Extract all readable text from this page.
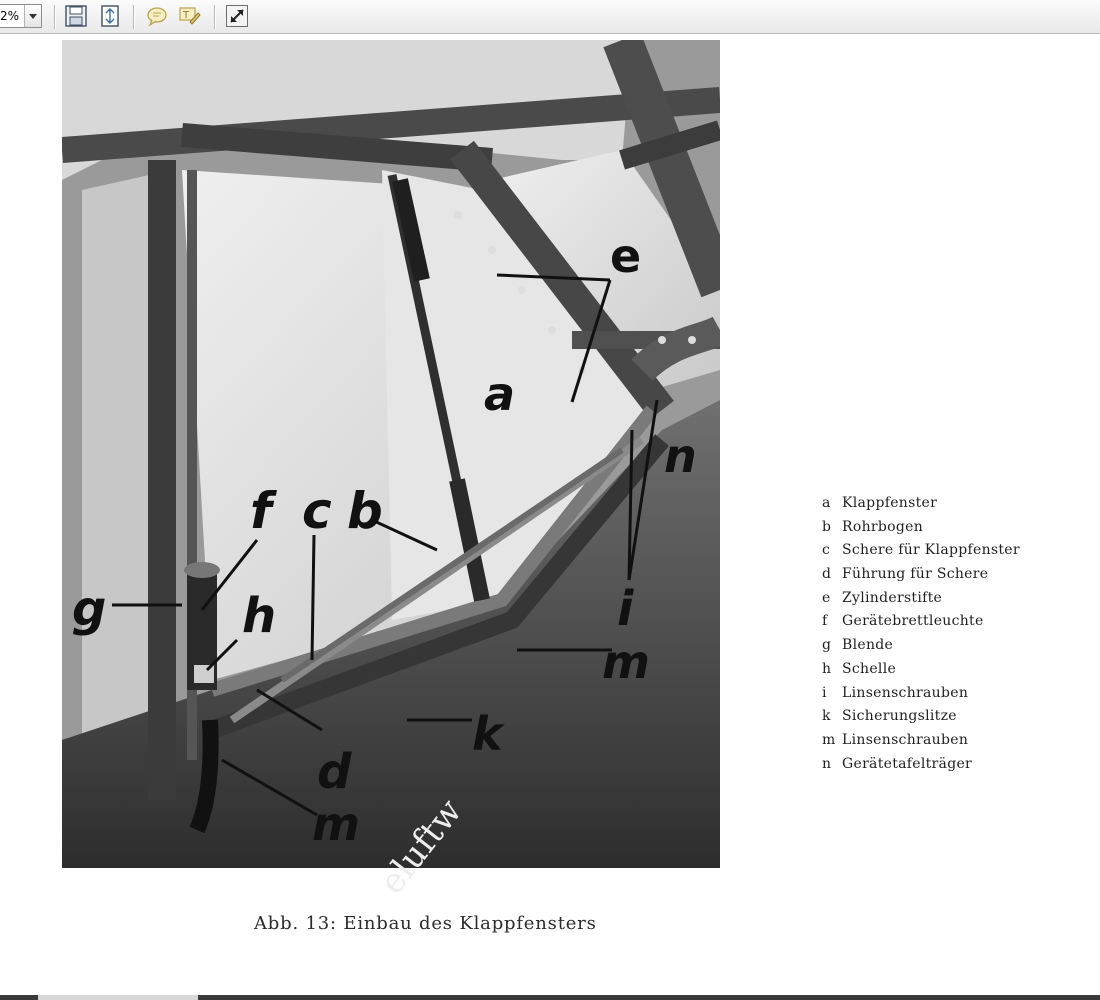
2%	T
e
a
n
f c b
g	h	i
m
k
d
m
a Klappfenster
b Rohrbogen
c Schere für Klappfenster
d Führung für Schere
e Zylinderstifte
f Gerätebrettleuchte
g Blende
h Schelle
i Linsenschrauben
k Sicherungslitze
m Linsenschrauben
n Gerätetafelträger
eluftw
Abb. 13: Einbau des Klappfensters
